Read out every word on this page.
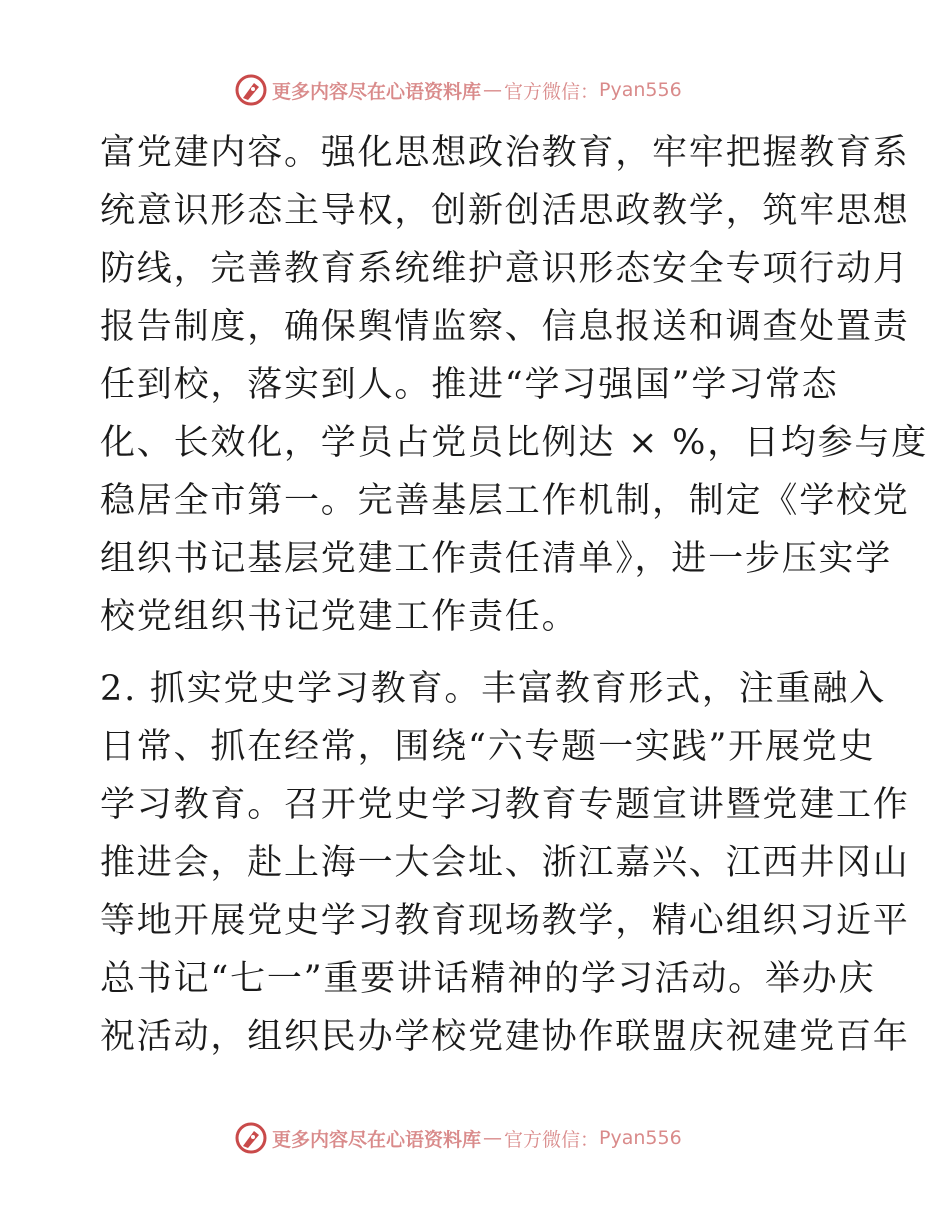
更多内容尽在心语资料库 — 官方微信： Pyan556
富党建内容。强化思想政治教育，牢牢把握教育系
统意识形态主导权，创新创活思政教学，筑牢思想
防线，完善教育系统维护意识形态安全专项行动月
报告制度，确保舆情监察、信息报送和调查处置责
任到校，落实到人。推进“学习强国”学习常态
化、长效化，学员占党员比例达 × %，日均参与度
稳居全市第一。完善基层工作机制，制定《学校党
组织书记基层党建工作责任清单》，进一步压实学
校党组织书记党建工作责任。
2. 抓实党史学习教育。丰富教育形式，注重融入
日常、抓在经常，围绕“六专题一实践”开展党史
学习教育。召开党史学习教育专题宣讲暨党建工作
推进会，赴上海一大会址、浙江嘉兴、江西井冈山
等地开展党史学习教育现场教学，精心组织习近平
总书记“七一”重要讲话精神的学习活动。举办庆
祝活动，组织民办学校党建协作联盟庆祝建党百年
更多内容尽在心语资料库 — 官方微信： Pyan556
